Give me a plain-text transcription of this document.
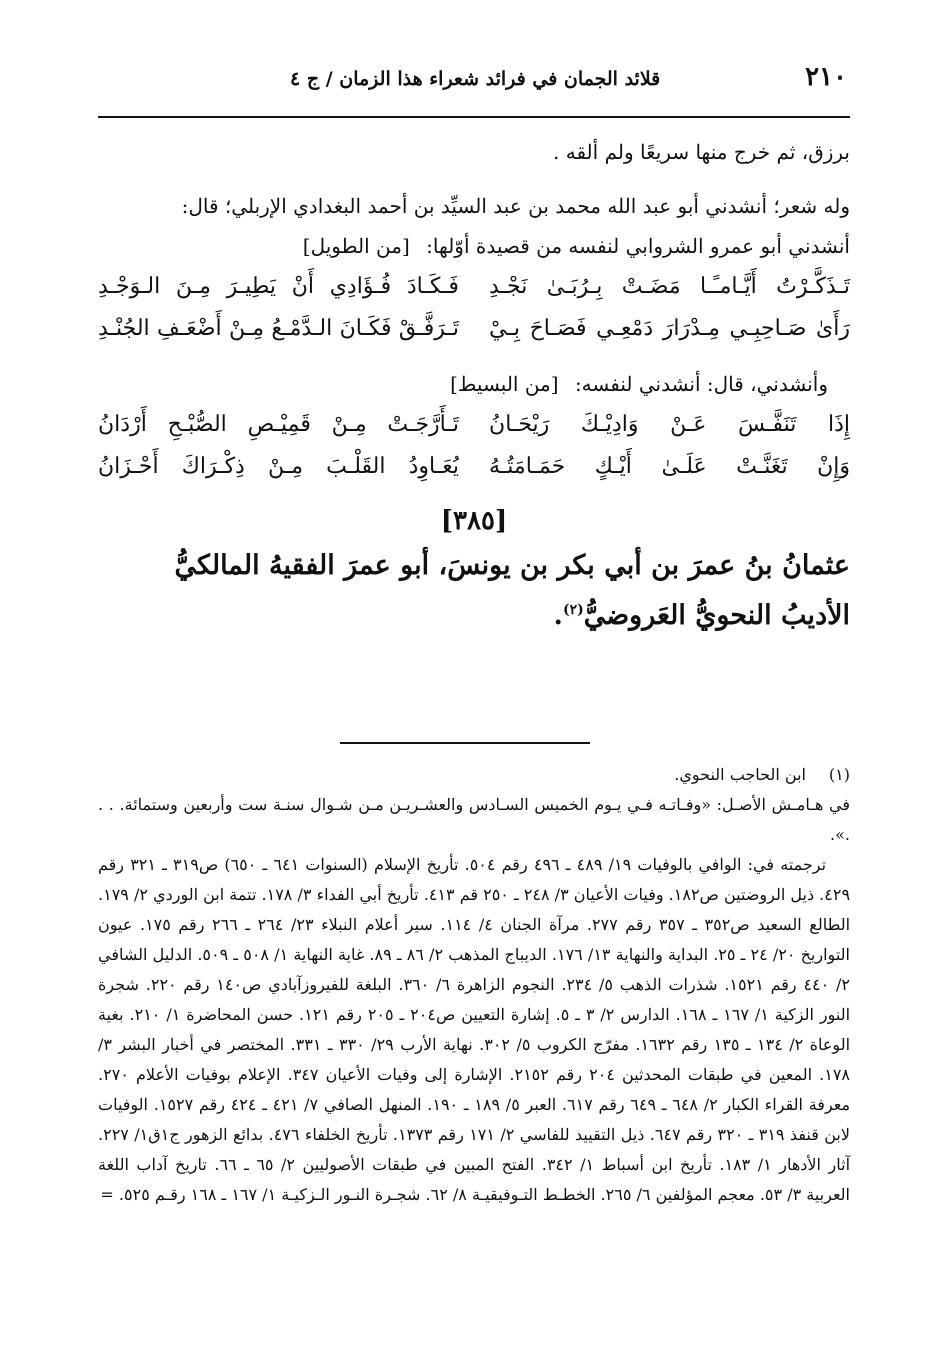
٢١٠
قلائد الجمان في فرائد شعراء هذا الزمان / ج ٤

برزق، ثم خرج منها سريعًا ولم ألقه .

وله شعر؛ أنشدني أبو عبد الله محمد بن عبد السيِّد بن أحمد البغدادي الإربلي؛ قال:

أنشدني أبو عمرو الشروابي لنفسه من قصيدة أوّلها: [من الطويل]

تَـذَكَّـرْتُ أَيَّـامـًـا مَضَـتْ بِـرُبَـىٰ نَجْـدِ
فَـكَـادَ فُـؤَادِي أَنْ يَطِيـرَ مِـنَ الـوَجْـدِ
رَأَىٰ صَـاحِبِـي مِـدْرَارَ دَمْعِـي فَصَـاحَ بِـيْ
تَـرَفَّـقْ فَكَـانَ الـدَّمْـعُ مِـنْ أَضْعَـفِ الجُنْـدِ

وأنشدني، قال: أنشدني لنفسه: [من البسيط]

إِذَا تَنَفَّـسَ عَـنْ وَادِيْـكَ رَيْحَـانُ
تَـأَرَّجَـتْ مِـنْ قَمِيْـصِ الصُّبْـحِ أَرْدَانُ
وَإِنْ تَغَنَّـتْ عَلَـىٰ أَيْـكٍ حَمَـامَتُـهُ
يُعَـاوِدُ القَلْـبَ مِـنْ ذِكْـرَاكَ أَحْـزَانُ
[٣٨٥]
عثمانُ بنُ عمرَ بن أبي بكر بن يونسَ، أبو عمرَ الفقيهُ المالكيُّ
الأديبُ النحويُّ العَروضيُّ$^{(٢)}$.
(١)
ابن الحاجب النحوي.

في هـامـش الأصـل: «وفـاتـه فـي يـوم الخميس السـادس والعشـريـن مـن شـوال سنـة ست وأربعين وستمائة. . . .».

ترجمته في: الوافي بالوفيات ١٩/ ٤٨٩ ـ ٤٩٦ رقم ٥٠٤. تأريخ الإسلام (السنوات ٦٤١ ـ ٦٥٠) ص٣١٩ ـ ٣٢١ رقم ٤٢٩. ذيل الروضتين ص١٨٢. وفيات الأعيان ٣/ ٢٤٨ ـ ٢٥٠ قم ٤١٣. تأريخ أبي الفداء ٣/ ١٧٨. تتمة ابن الوردي ٢/ ١٧٩. الطالع السعيد ص٣٥٢ ـ ٣٥٧ رقم ٢٧٧. مرآة الجنان ٤/ ١١٤. سير أعلام النبلاء ٢٣/ ٢٦٤ ـ ٢٦٦ رقم ١٧٥. عيون التواريخ ٢٠/ ٢٤ ـ ٢٥. البداية والنهاية ١٣/ ١٧٦. الديباج المذهب ٢/ ٨٦ ـ ٨٩. غاية النهاية ١/ ٥٠٨ ـ ٥٠٩. الدليل الشافي ٢/ ٤٤٠ رقم ١٥٢١. شذرات الذهب ٥/ ٢٣٤. النجوم الزاهرة ٦/ ٣٦٠. البلغة للفيروزآبادي ص١٤٠ رقم ٢٢٠. شجرة النور الزكية ١/ ١٦٧ ـ ١٦٨. الدارس ٢/ ٣ ـ ٥. إشارة التعيين ص٢٠٤ ـ ٢٠٥ رقم ١٢١. حسن المحاضرة ١/ ٢١٠. بغية الوعاة ٢/ ١٣٤ ـ ١٣٥ رقم ١٦٣٢. مفرّج الكروب ٥/ ٣٠٢. نهاية الأرب ٢٩/ ٣٣٠ ـ ٣٣١. المختصر في أخبار البشر ٣/ ١٧٨. المعين في طبقات المحدثين ٢٠٤ رقم ٢١٥٢. الإشارة إلى وفيات الأعيان ٣٤٧. الإعلام بوفيات الأعلام ٢٧٠. معرفة القراء الكبار ٢/ ٦٤٨ ـ ٦٤٩ رقم ٦١٧. العبر ٥/ ١٨٩ ـ ١٩٠. المنهل الصافي ٧/ ٤٢١ ـ ٤٢٤ رقم ١٥٢٧. الوفيات لابن قنفذ ٣١٩ ـ ٣٢٠ رقم ٦٤٧. ذيل التقييد للفاسي ٢/ ١٧١ رقم ١٣٧٣. تأريخ الخلفاء ٤٧٦. بدائع الزهور ج١ق١/ ٢٢٧. آثار الأدهار ١/ ١٨٣. تأريخ ابن أسباط ١/ ٣٤٢. الفتح المبين في طبقات الأصوليين ٢/ ٦٥ ـ ٦٦. تاريخ آداب اللغة العربية ٣/ ٥٣. معجم المؤلفين ٦/ ٢٦٥. الخطـط التـوفيقيـة ٨/ ٦٢. شجـرة النـور الـزكيـة ١/ ١٦٧ ـ ١٦٨ رقـم ٥٢٥. =
